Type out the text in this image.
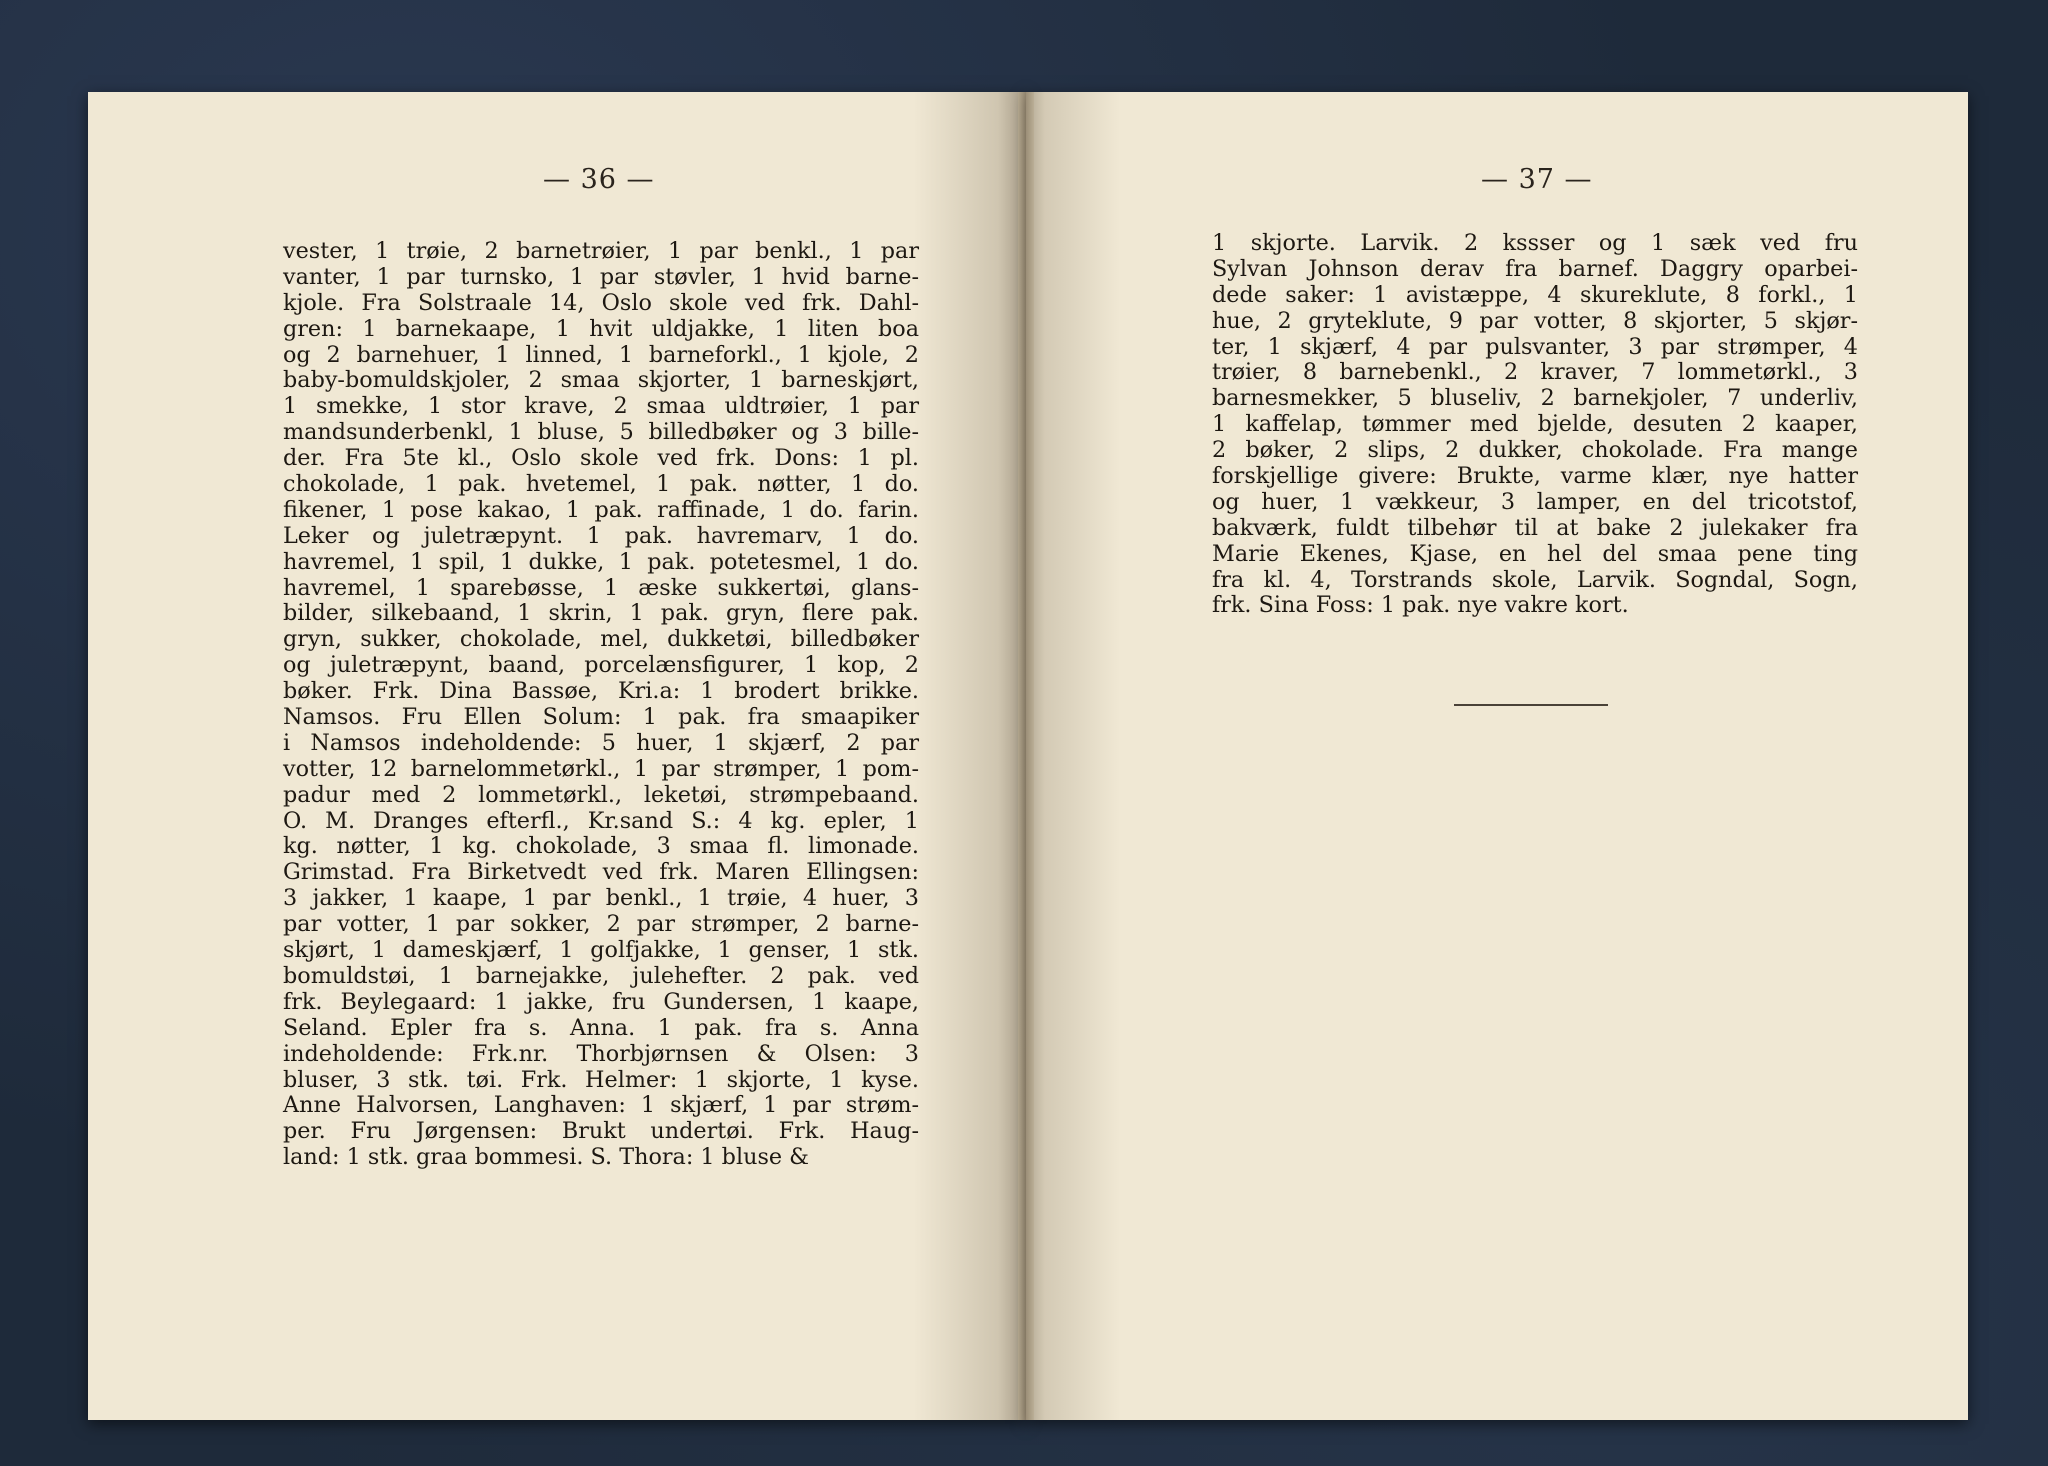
— 36 —
vester, 1 trøie, 2 barnetrøier, 1 par benkl., 1 par
vanter, 1 par turnsko, 1 par støvler, 1 hvid barne-
kjole. Fra Solstraale 14, Oslo skole ved frk. Dahl-
gren: 1 barnekaape, 1 hvit uldjakke, 1 liten boa
og 2 barnehuer, 1 linned, 1 barneforkl., 1 kjole, 2
baby-bomuldskjoler, 2 smaa skjorter, 1 barneskjørt,
1 smekke, 1 stor krave, 2 smaa uldtrøier, 1 par
mandsunderbenkl, 1 bluse, 5 billedbøker og 3 bille-
der. Fra 5te kl., Oslo skole ved frk. Dons: 1 pl.
chokolade, 1 pak. hvetemel, 1 pak. nøtter, 1 do.
fikener, 1 pose kakao, 1 pak. raffinade, 1 do. farin.
Leker og juletræpynt. 1 pak. havremarv, 1 do.
havremel, 1 spil, 1 dukke, 1 pak. potetesmel, 1 do.
havremel, 1 sparebøsse, 1 æske sukkertøi, glans-
bilder, silkebaand, 1 skrin, 1 pak. gryn, flere pak.
gryn, sukker, chokolade, mel, dukketøi, billedbøker
og juletræpynt, baand, porcelænsfigurer, 1 kop, 2
bøker. Frk. Dina Bassøe, Kri.a: 1 brodert brikke.
Namsos. Fru Ellen Solum: 1 pak. fra smaapiker
i Namsos indeholdende: 5 huer, 1 skjærf, 2 par
votter, 12 barnelommetørkl., 1 par strømper, 1 pom-
padur med 2 lommetørkl., leketøi, strømpebaand.
O. M. Dranges efterfl., Kr.sand S.: 4 kg. epler, 1
kg. nøtter, 1 kg. chokolade, 3 smaa fl. limonade.
Grimstad. Fra Birketvedt ved frk. Maren Ellingsen:
3 jakker, 1 kaape, 1 par benkl., 1 trøie, 4 huer, 3
par votter, 1 par sokker, 2 par strømper, 2 barne-
skjørt, 1 dameskjærf, 1 golfjakke, 1 genser, 1 stk.
bomuldstøi, 1 barnejakke, julehefter. 2 pak. ved
frk. Beylegaard: 1 jakke, fru Gundersen, 1 kaape,
Seland. Epler fra s. Anna. 1 pak. fra s. Anna
indeholdende: Frk.nr. Thorbjørnsen & Olsen: 3
bluser, 3 stk. tøi. Frk. Helmer: 1 skjorte, 1 kyse.
Anne Halvorsen, Langhaven: 1 skjærf, 1 par strøm-
per. Fru Jørgensen: Brukt undertøi. Frk. Haug-
land: 1 stk. graa bommesi. S. Thora: 1 bluse &
— 37 —
1 skjorte. Larvik. 2 kssser og 1 sæk ved fru
Sylvan Johnson derav fra barnef. Daggry oparbei-
dede saker: 1 avistæppe, 4 skureklute, 8 forkl., 1
hue, 2 gryteklute, 9 par votter, 8 skjorter, 5 skjør-
ter, 1 skjærf, 4 par pulsvanter, 3 par strømper, 4
trøier, 8 barnebenkl., 2 kraver, 7 lommetørkl., 3
barnesmekker, 5 bluseliv, 2 barnekjoler, 7 underliv,
1 kaffelap, tømmer med bjelde, desuten 2 kaaper,
2 bøker, 2 slips, 2 dukker, chokolade. Fra mange
forskjellige givere: Brukte, varme klær, nye hatter
og huer, 1 vækkeur, 3 lamper, en del tricotstof,
bakværk, fuldt tilbehør til at bake 2 julekaker fra
Marie Ekenes, Kjase, en hel del smaa pene ting
fra kl. 4, Torstrands skole, Larvik. Sogndal, Sogn,
frk. Sina Foss: 1 pak. nye vakre kort.
